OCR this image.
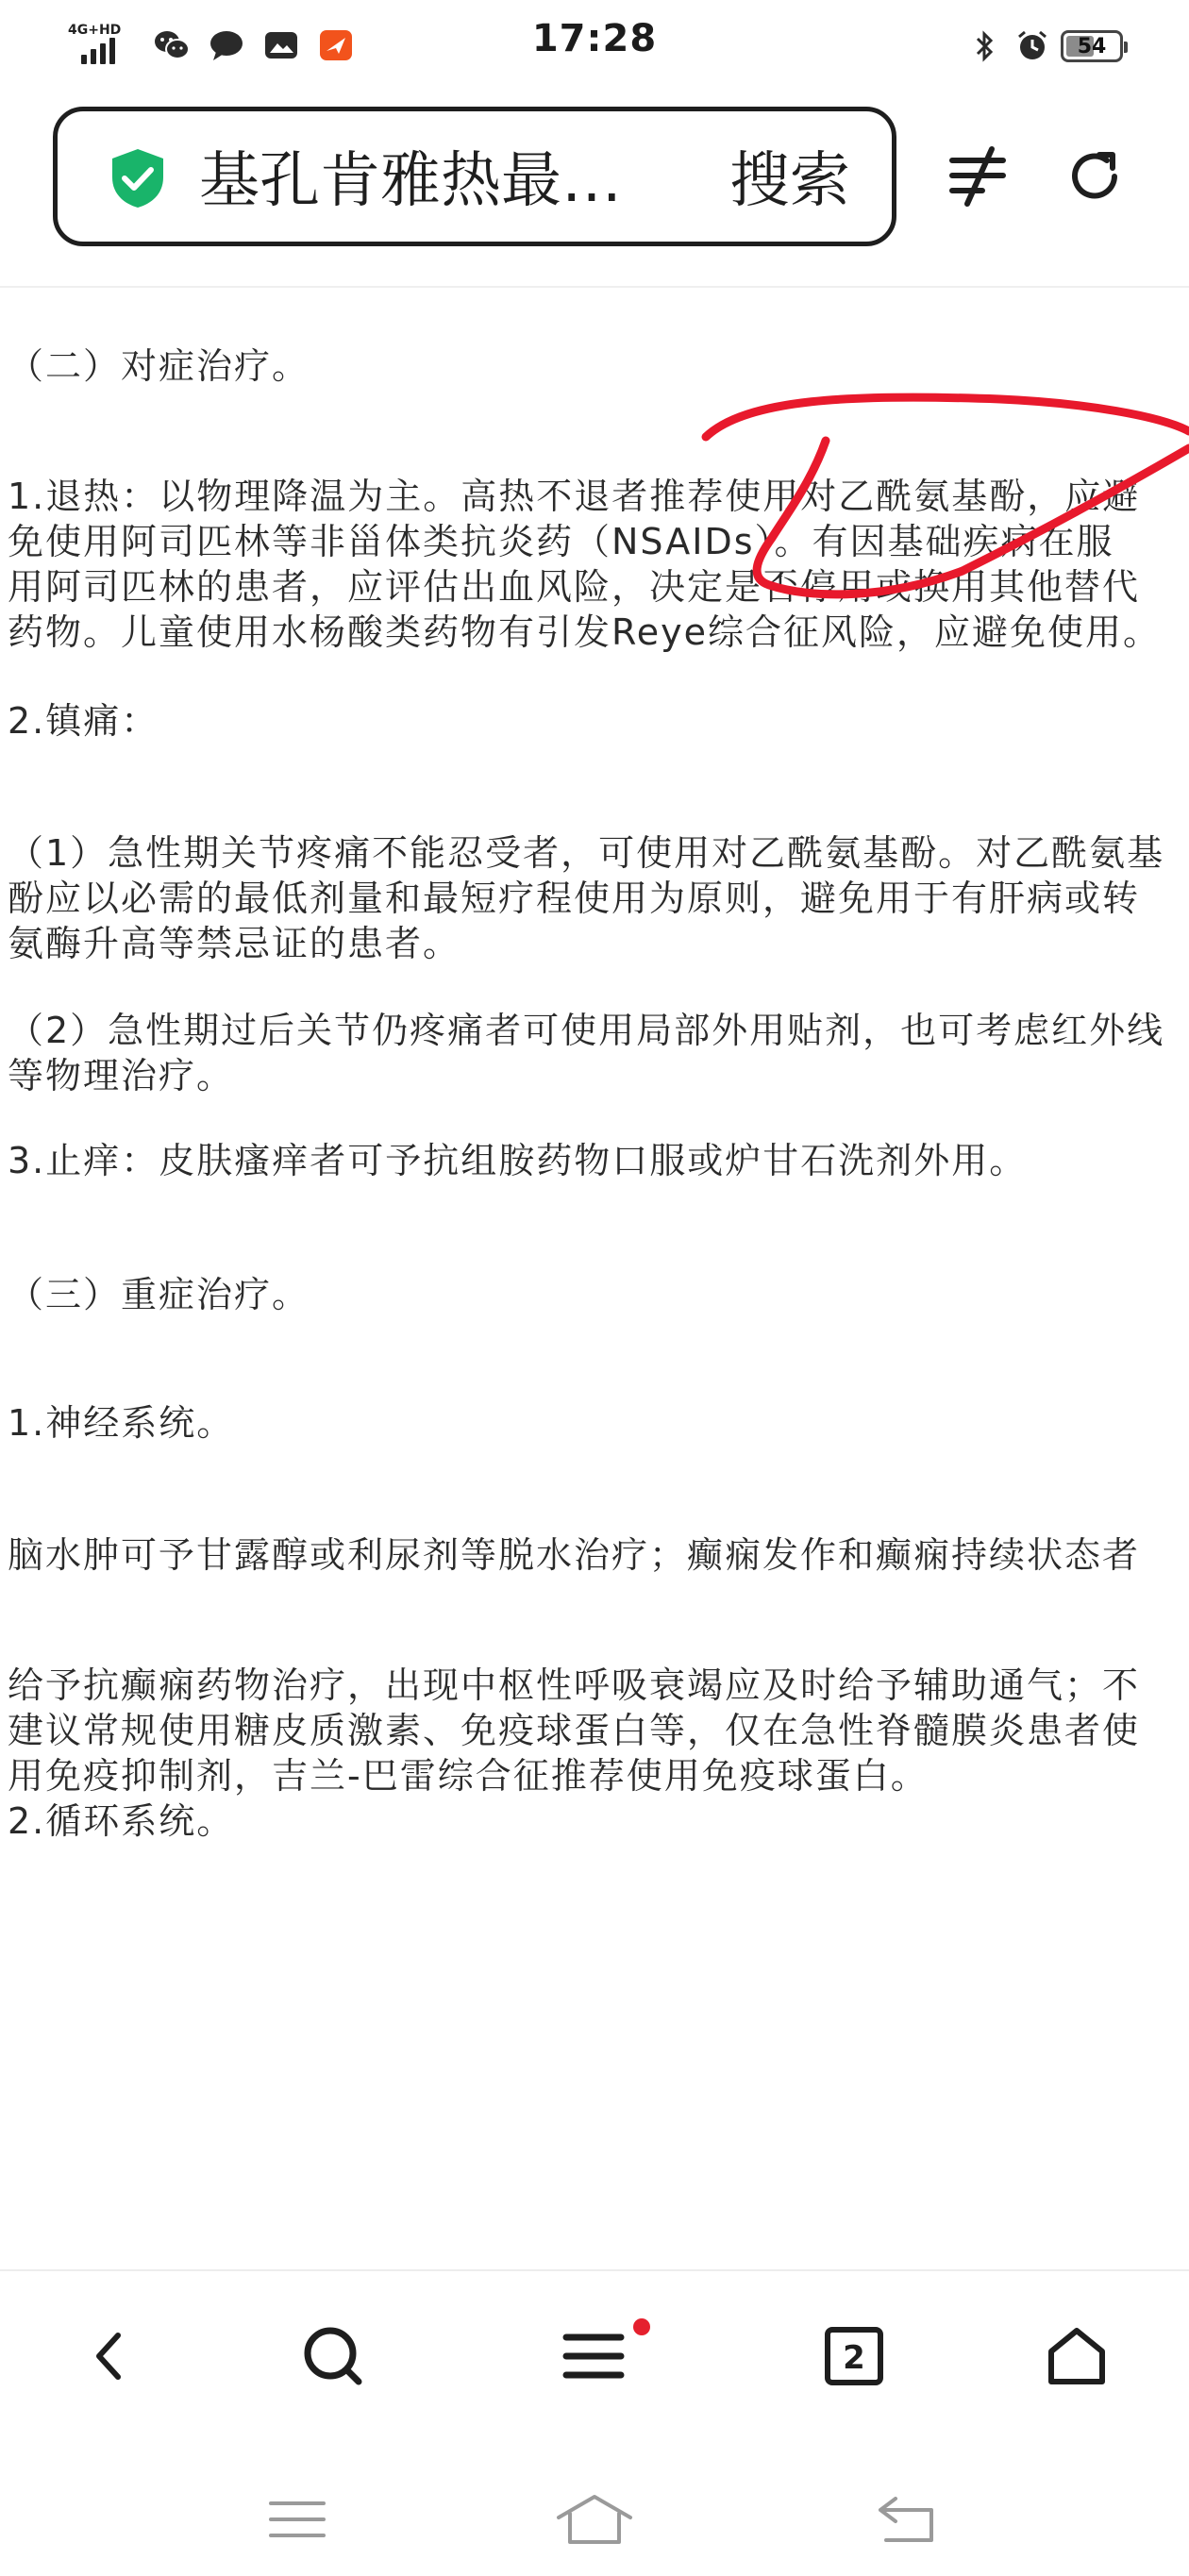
4G+HD	17:28	54
基孔肯雅热最…	搜索
（二）对症治疗。
1.退热：以物理降温为主。高热不退者推荐使用对乙酰氨基酚，应避
免使用阿司匹林等非甾体类抗炎药（NSAIDs）。有因基础疾病在服
用阿司匹林的患者，应评估出血风险，决定是否停用或换用其他替代
药物。儿童使用水杨酸类药物有引发Reye综合征风险，应避免使用。
2.镇痛：
（1）急性期关节疼痛不能忍受者，可使用对乙酰氨基酚。对乙酰氨基
酚应以必需的最低剂量和最短疗程使用为原则，避免用于有肝病或转
氨酶升高等禁忌证的患者。
（2）急性期过后关节仍疼痛者可使用局部外用贴剂，也可考虑红外线
等物理治疗。
3.止痒：皮肤瘙痒者可予抗组胺药物口服或炉甘石洗剂外用。
（三）重症治疗。
1.神经系统。
脑水肿可予甘露醇或利尿剂等脱水治疗；癫痫发作和癫痫持续状态者
给予抗癫痫药物治疗，出现中枢性呼吸衰竭应及时给予辅助通气；不
建议常规使用糖皮质激素、免疫球蛋白等，仅在急性脊髓膜炎患者使
用免疫抑制剂，吉兰-巴雷综合征推荐使用免疫球蛋白。
2.循环系统。
2
